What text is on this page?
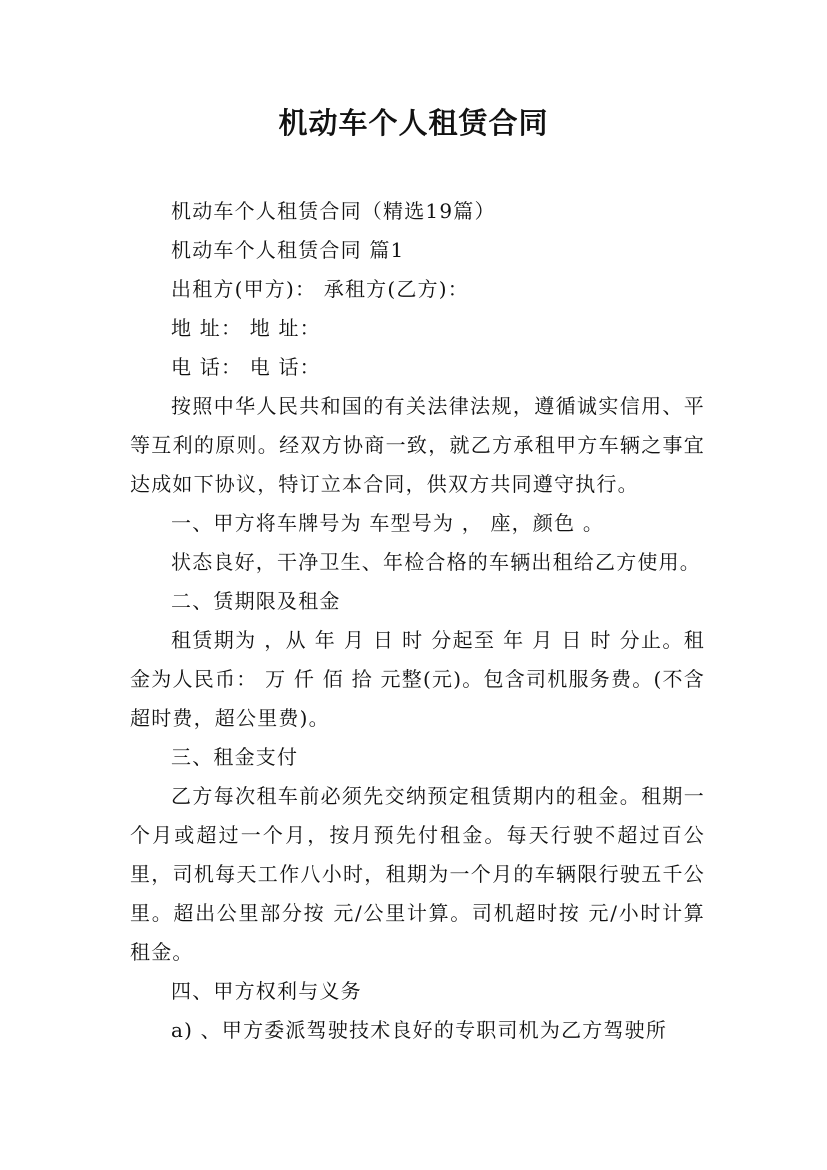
机动车个人租赁合同

机动车个人租赁合同（精选19篇）

机动车个人租赁合同 篇1

出租方(甲方)： 承租方(乙方)：

地 址： 地 址：

电 话： 电 话：

按照中华人民共和国的有关法律法规，遵循诚实信用、平等互利的原则。经双方协商一致，就乙方承租甲方车辆之事宜达成如下协议，特订立本合同，供双方共同遵守执行。

一、甲方将车牌号为 车型号为 ， 座，颜色 。

状态良好，干净卫生、年检合格的车辆出租给乙方使用。

二、赁期限及租金

租赁期为 ，从 年 月 日 时 分起至 年 月 日 时 分止。租金为人民币： 万 仟 佰 拾 元整(元)。包含司机服务费。(不含超时费，超公里费)。

三、租金支付

乙方每次租车前必须先交纳预定租赁期内的租金。租期一个月或超过一个月，按月预先付租金。每天行驶不超过百公里，司机每天工作八小时，租期为一个月的车辆限行驶五千公里。超出公里部分按 元/公里计算。司机超时按 元/小时计算租金。

四、甲方权利与义务

a) 、甲方委派驾驶技术良好的专职司机为乙方驾驶所
